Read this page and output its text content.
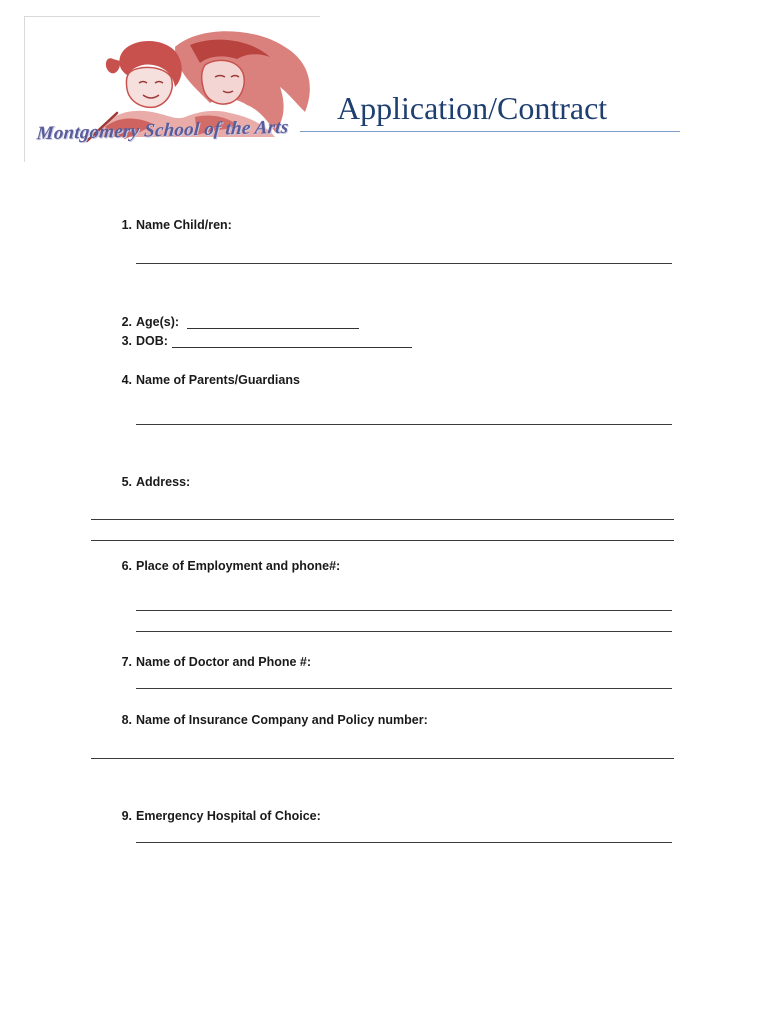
Montgomery School of the Arts
Application/Contract
1. Name Child/ren:
2. Age(s):
3. DOB:
4. Name of Parents/Guardians
5. Address:
6. Place of Employment and phone#:
7. Name of Doctor and Phone #:
8. Name of Insurance Company and Policy number:
9. Emergency Hospital of Choice:
